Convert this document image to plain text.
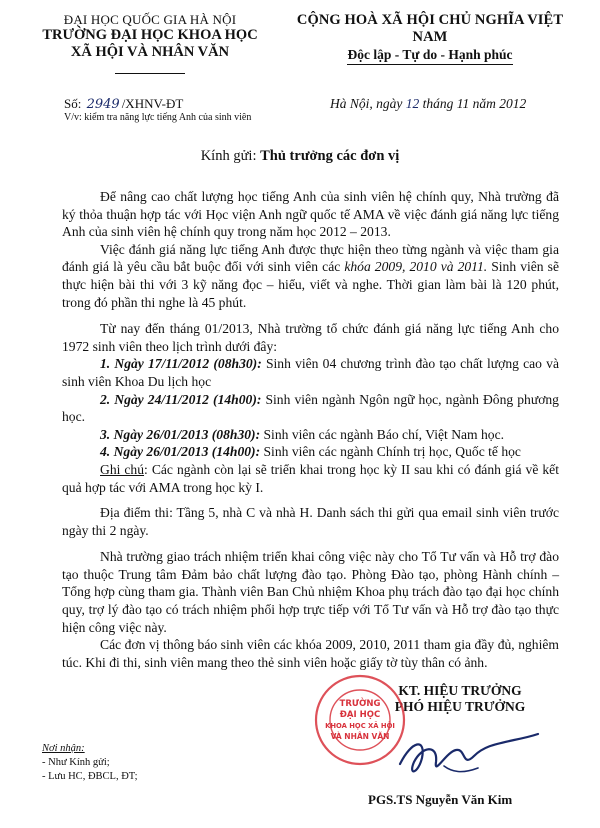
ĐẠI HỌC QUỐC GIA HÀ NỘI
TRƯỜNG ĐẠI HỌC KHOA HỌC
XÃ HỘI VÀ NHÂN VĂN
CỘNG HOÀ XÃ HỘI CHỦ NGHĨA VIỆT NAM
Độc lập - Tự do - Hạnh phúc
Số: 2949 /XHNV-ĐT
V/v: kiểm tra năng lực tiếng Anh của sinh viên
Hà Nội, ngày 12 tháng 11 năm 2012
Kính gửi: Thủ trưởng các đơn vị

Để nâng cao chất lượng học tiếng Anh của sinh viên hệ chính quy, Nhà trường đã ký thỏa thuận hợp tác với Học viện Anh ngữ quốc tế AMA về việc đánh giá năng lực tiếng Anh của sinh viên hệ chính quy trong năm học 2012 – 2013.

Việc đánh giá năng lực tiếng Anh được thực hiện theo từng ngành và việc tham gia đánh giá là yêu cầu bắt buộc đối với sinh viên các khóa 2009, 2010 và 2011. Sinh viên sẽ thực hiện bài thi với 3 kỹ năng đọc – hiểu, viết và nghe. Thời gian làm bài là 120 phút, trong đó phần thi nghe là 45 phút.

Từ nay đến tháng 01/2013, Nhà trường tổ chức đánh giá năng lực tiếng Anh cho 1972 sinh viên theo lịch trình dưới đây:

1. Ngày 17/11/2012 (08h30): Sinh viên 04 chương trình đào tạo chất lượng cao và sinh viên Khoa Du lịch học

2. Ngày 24/11/2012 (14h00): Sinh viên ngành Ngôn ngữ học, ngành Đông phương học.

3. Ngày 26/01/2013 (08h30): Sinh viên các ngành Báo chí, Việt Nam học.

4. Ngày 26/01/2013 (14h00): Sinh viên các ngành Chính trị học, Quốc tế học

Ghi chú: Các ngành còn lại sẽ triển khai trong học kỳ II sau khi có đánh giá về kết quả hợp tác với AMA trong học kỳ I.

Địa điểm thi: Tầng 5, nhà C và nhà H. Danh sách thi gửi qua email sinh viên trước ngày thi 2 ngày.

Nhà trường giao trách nhiệm triển khai công việc này cho Tổ Tư vấn và Hỗ trợ đào tạo thuộc Trung tâm Đảm bảo chất lượng đào tạo. Phòng Đào tạo, phòng Hành chính – Tổng hợp cùng tham gia. Thành viên Ban Chủ nhiệm Khoa phụ trách đào tạo đại học chính quy, trợ lý đào tạo có trách nhiệm phối hợp trực tiếp với Tổ Tư vấn và Hỗ trợ đào tạo thực hiện công việc này.

Các đơn vị thông báo sinh viên các khóa 2009, 2010, 2011 tham gia đầy đủ, nghiêm túc. Khi đi thi, sinh viên mang theo thẻ sinh viên hoặc giấy tờ tùy thân có ảnh.

KT. HIỆU TRƯỞNG
PHÓ HIỆU TRƯỞNG
TRƯỜNG
ĐẠI HỌC
KHOA HỌC XÃ HỘI
VÀ NHÂN VĂN
Nơi nhận:
- Như Kính gửi;
- Lưu HC, ĐBCL, ĐT;
PGS.TS Nguyễn Văn Kim
